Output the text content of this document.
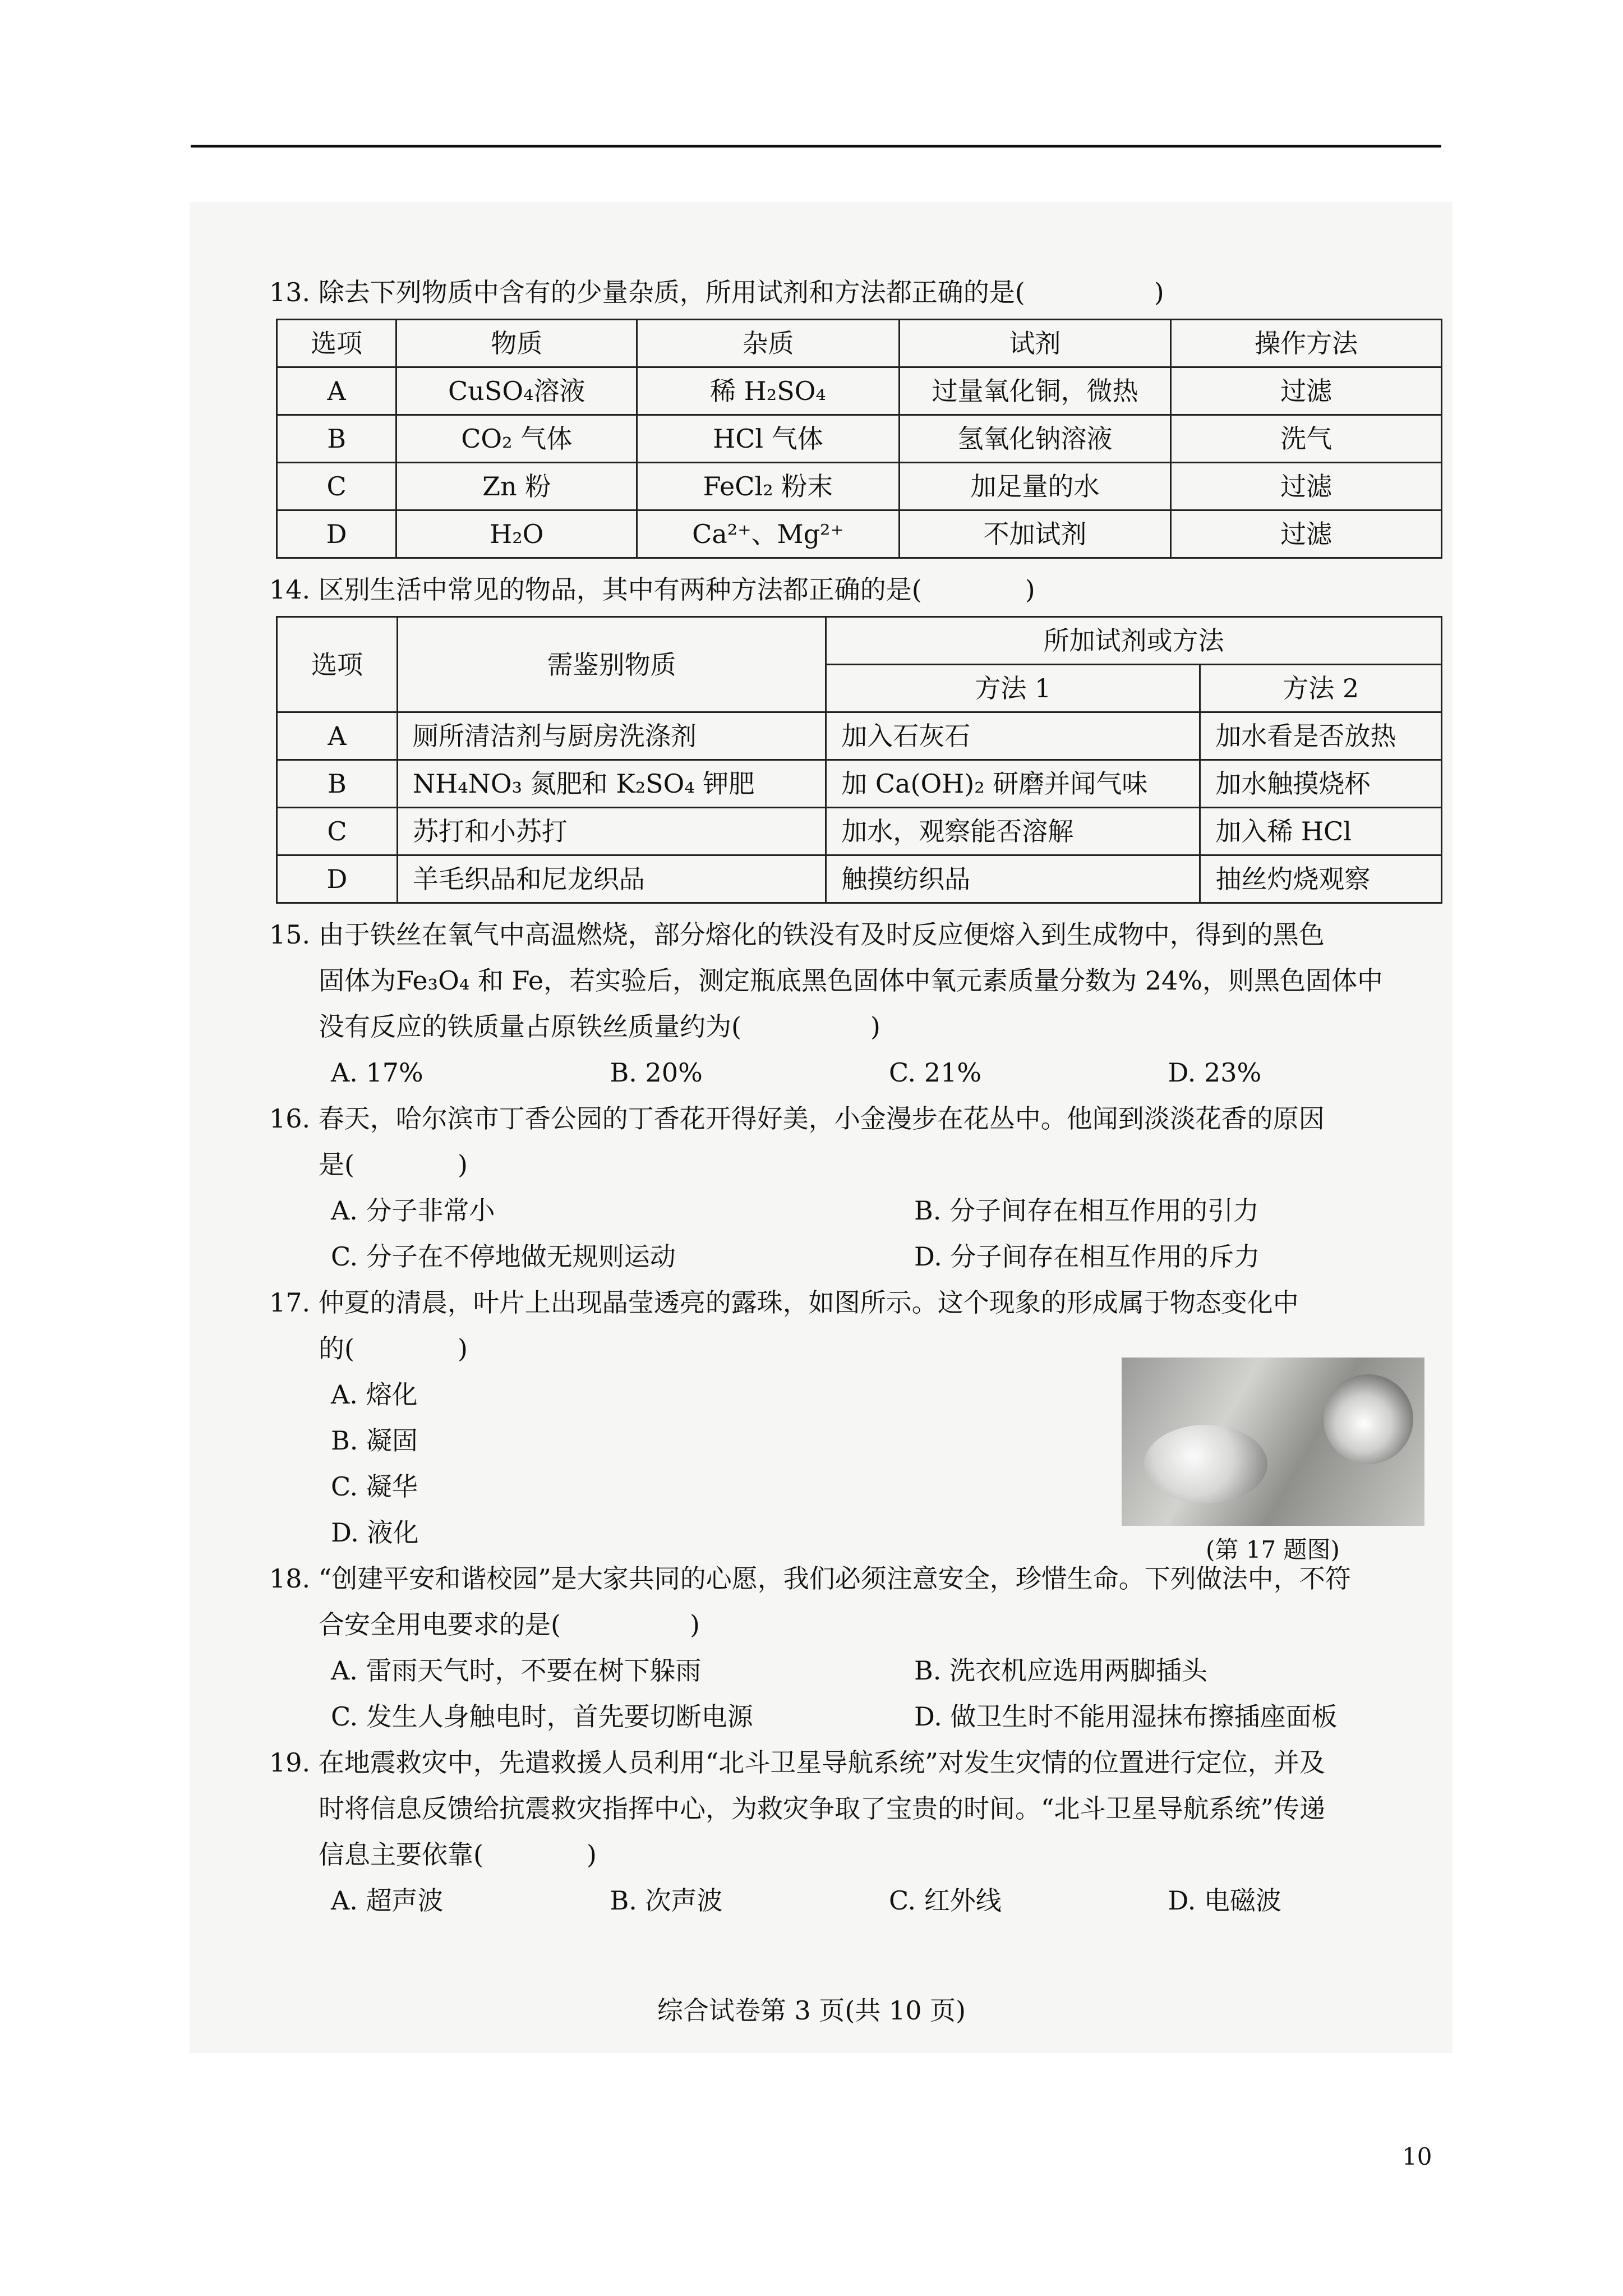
13. 除去下列物质中含有的少量杂质，所用试剂和方法都正确的是(　　　　　)

选项	物质	杂质	试剂	操作方法
A	CuSO₄溶液	稀 H₂SO₄	过量氧化铜，微热	过滤
B	CO₂ 气体	HCl 气体	氢氧化钠溶液	洗气
C	Zn 粉	FeCl₂ 粉末	加足量的水	过滤
D	H₂O	Ca²⁺、Mg²⁺	不加试剂	过滤

14. 区别生活中常见的物品，其中有两种方法都正确的是(　　　　)

选项	需鉴别物质	所加试剂或方法	
		方法 1	方法 2
A	厕所清洁剂与厨房洗涤剂	加入石灰石	加水看是否放热
B	NH₄NO₃ 氮肥和 K₂SO₄ 钾肥	加 Ca(OH)₂ 研磨并闻气味	加水触摸烧杯
C	苏打和小苏打	加水，观察能否溶解	加入稀 HCl
D	羊毛织品和尼龙织品	触摸纺织品	抽丝灼烧观察

15. 由于铁丝在氧气中高温燃烧，部分熔化的铁没有及时反应便熔入到生成物中，得到的黑色

固体为Fe₃O₄ 和 Fe，若实验后，测定瓶底黑色固体中氧元素质量分数为 24%，则黑色固体中

没有反应的铁质量占原铁丝质量约为(　　　　　)

A. 17%	B. 20%	C. 21%	D. 23%

16. 春天，哈尔滨市丁香公园的丁香花开得好美，小金漫步在花丛中。他闻到淡淡花香的原因

是(　　　　)

A. 分子非常小	B. 分子间存在相互作用的引力
C. 分子在不停地做无规则运动	D. 分子间存在相互作用的斥力

17. 仲夏的清晨，叶片上出现晶莹透亮的露珠，如图所示。这个现象的形成属于物态变化中

的(　　　　)

A. 熔化

B. 凝固

C. 凝华

D. 液化

18. “创建平安和谐校园”是大家共同的心愿，我们必须注意安全，珍惜生命。下列做法中，不符

合安全用电要求的是(　　　　　)

A. 雷雨天气时，不要在树下躲雨	B. 洗衣机应选用两脚插头
C. 发生人身触电时，首先要切断电源	D. 做卫生时不能用湿抹布擦插座面板

19. 在地震救灾中，先遣救援人员利用“北斗卫星导航系统”对发生灾情的位置进行定位，并及

时将信息反馈给抗震救灾指挥中心，为救灾争取了宝贵的时间。“北斗卫星导航系统”传递

信息主要依靠(　　　　)

A. 超声波	B. 次声波	C. 红外线	D. 电磁波
(第 17 题图)
综合试卷第 3 页(共 10 页)
10
